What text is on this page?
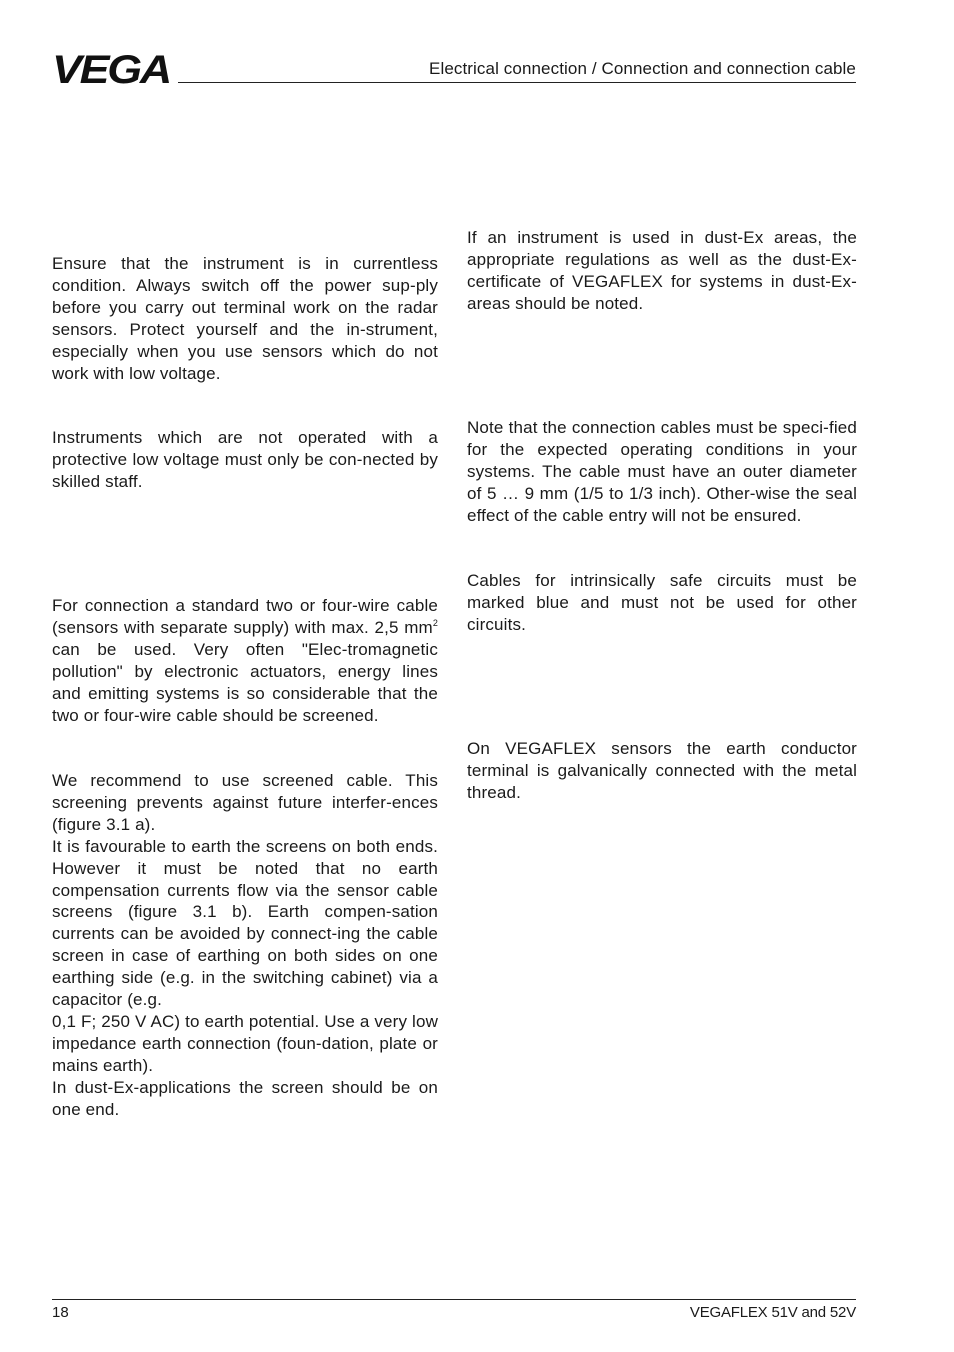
VEGA	Electrical connection / Connection and connection cable

Ensure that the instrument is in currentless condition. Always switch off the power sup-ply before you carry out terminal work on the radar sensors. Protect yourself and the in-strument, especially when you use sensors which do not work with low voltage.

Instruments which are not operated with a protective low voltage must only be con-nected by skilled staff.

For connection a standard two or four-wire cable (sensors with separate supply) with max. 2,5 $mm^2$ can be used. Very often "Elec-tromagnetic pollution" by electronic actuators, energy lines and emitting systems is so considerable that the two or four-wire cable should be screened.

We recommend to use screened cable. This screening prevents against future interfer-ences (figure 3.1 a).

It is favourable to earth the screens on both ends. However it must be noted that no earth compensation currents flow via the sensor cable screens (figure 3.1 b). Earth compen-sation currents can be avoided by connect-ing the cable screen in case of earthing on both sides on one earthing side (e.g. in the switching cabinet) via a capacitor (e.g.

0,1 F; 250 V AC) to earth potential. Use a very low impedance earth connection (foun-dation, plate or mains earth).

In dust-Ex-applications the screen should be on one end.

If an instrument is used in dust-Ex areas, the appropriate regulations as well as the dust-Ex-certificate of VEGAFLEX for systems in dust-Ex-areas should be noted.

Note that the connection cables must be speci-fied for the expected operating conditions in your systems. The cable must have an outer diameter of 5 … 9 mm (1/5 to 1/3 inch). Other-wise the seal effect of the cable entry will not be ensured.

Cables for intrinsically safe circuits must be marked blue and must not be used for other circuits.

On VEGAFLEX sensors the earth conductor terminal is galvanically connected with the metal thread.

18	VEGAFLEX 51V and 52V
